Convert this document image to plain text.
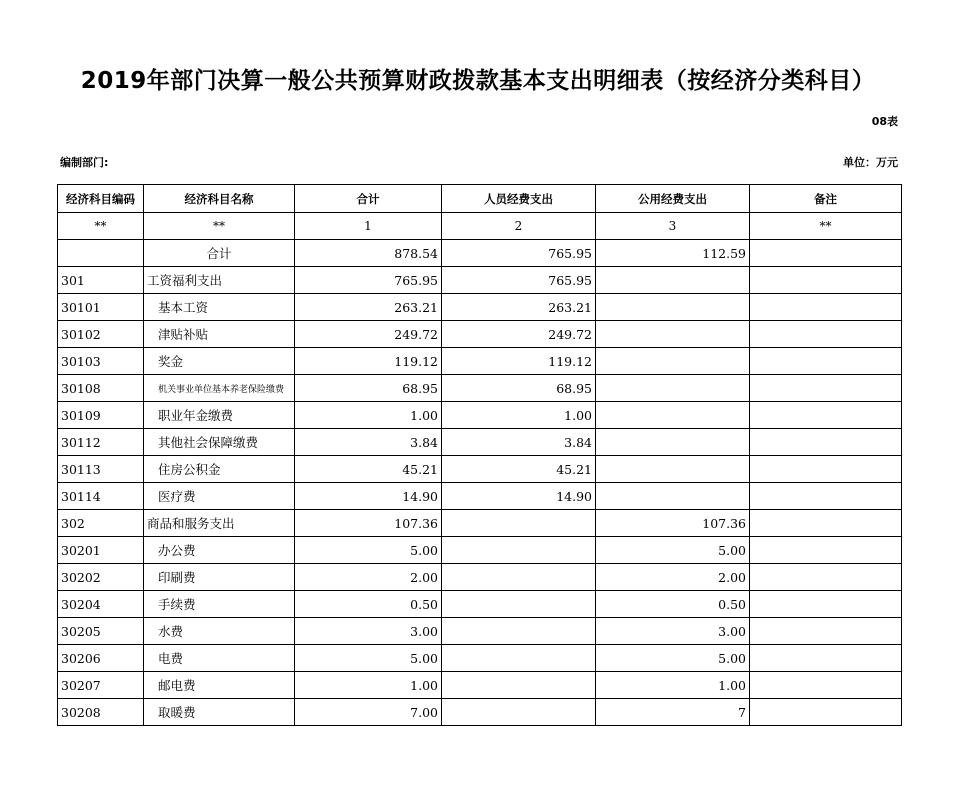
2019年部门决算一般公共预算财政拨款基本支出明细表（按经济分类科目）
08表
编制部门:	单位：万元
经济科目编码	经济科目名称	合计	人员经费支出	公用经费支出	备注
**	**	1	2	3	**
	合计	878.54	765.95	112.59	
301	工资福利支出	765.95	765.95		
30101	基本工资	263.21	263.21		
30102	津贴补贴	249.72	249.72		
30103	奖金	119.12	119.12		
30108	机关事业单位基本养老保险缴费	68.95	68.95		
30109	职业年金缴费	1.00	1.00		
30112	其他社会保障缴费	3.84	3.84		
30113	住房公积金	45.21	45.21		
30114	医疗费	14.90	14.90		
302	商品和服务支出	107.36		107.36	
30201	办公费	5.00		5.00	
30202	印刷费	2.00		2.00	
30204	手续费	0.50		0.50	
30205	水费	3.00		3.00	
30206	电费	5.00		5.00	
30207	邮电费	1.00		1.00	
30208	取暖费	7.00		7	
